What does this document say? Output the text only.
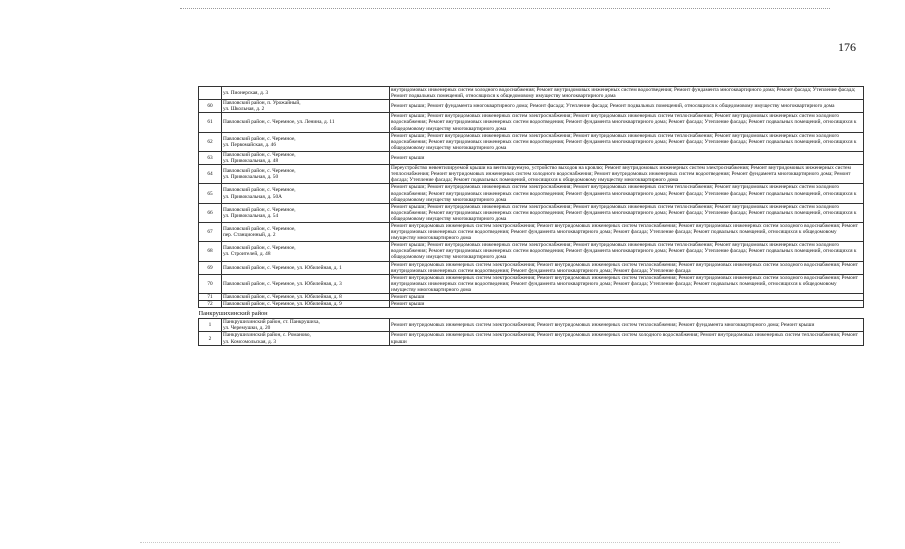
176

	ул. Пионерская, д. 3	внутридомовых инженерных систем холодного водоснабжения; Ремонт внутридомовых инженерных систем водоотведения; Ремонт фундамента многоквартирного дома; Ремонт фасада; Утепление фасада; Ремонт подвальных помещений, относящихся к общедомовому имуществу многоквартирного дома
60	Павловский район, п. Урожайный,
ул. Школьная, д. 2	Ремонт крыши; Ремонт фундамента многоквартирного дома; Ремонт фасада; Утепление фасада; Ремонт подвальных помещений, относящихся к общедомовому имуществу многоквартирного дома
61	Павловский район, с. Черемное, ул. Ленина, д. 11	Ремонт крыши; Ремонт внутридомовых инженерных систем электроснабжения; Ремонт внутридомовых инженерных систем теплоснабжения; Ремонт внутридомовых инженерных систем холодного водоснабжения; Ремонт внутридомовых инженерных систем водоотведения; Ремонт фундамента многоквартирного дома; Ремонт фасада; Утепление фасада; Ремонт подвальных помещений, относящихся к общедомовому имуществу многоквартирного дома
62	Павловский район, с. Черемное,
ул. Первомайская, д. 46	Ремонт крыши; Ремонт внутридомовых инженерных систем электроснабжения; Ремонт внутридомовых инженерных систем теплоснабжения; Ремонт внутридомовых инженерных систем холодного водоснабжения; Ремонт внутридомовых инженерных систем водоотведения; Ремонт фундамента многоквартирного дома; Ремонт фасада; Утепление фасада; Ремонт подвальных помещений, относящихся к общедомовому имуществу многоквартирного дома
63	Павловский район, с. Черемное,
ул. Привокзальная, д. 48	Ремонт крыши
64	Павловский район, с. Черемное,
ул. Привокзальная, д. 50	Переустройство невентилируемой крыши на вентилируемую, устройство выходов на кровлю; Ремонт внутридомовых инженерных систем электроснабжения; Ремонт внутридомовых инженерных систем теплоснабжения; Ремонт внутридомовых инженерных систем холодного водоснабжения; Ремонт внутридомовых инженерных систем водоотведения; Ремонт фундамента многоквартирного дома; Ремонт фасада; Утепление фасада; Ремонт подвальных помещений, относящихся к общедомовому имуществу многоквартирного дома
65	Павловский район, с. Черемное,
ул. Привокзальная, д. 50А	Ремонт крыши; Ремонт внутридомовых инженерных систем электроснабжения; Ремонт внутридомовых инженерных систем теплоснабжения; Ремонт внутридомовых инженерных систем холодного водоснабжения; Ремонт внутридомовых инженерных систем водоотведения; Ремонт фундамента многоквартирного дома; Ремонт фасада; Утепление фасада; Ремонт подвальных помещений, относящихся к общедомовому имуществу многоквартирного дома
66	Павловский район, с. Черемное,
ул. Привокзальная, д. 54	Ремонт крыши; Ремонт внутридомовых инженерных систем электроснабжения; Ремонт внутридомовых инженерных систем теплоснабжения; Ремонт внутридомовых инженерных систем холодного водоснабжения; Ремонт внутридомовых инженерных систем водоотведения; Ремонт фундамента многоквартирного дома; Ремонт фасада; Утепление фасада; Ремонт подвальных помещений, относящихся к общедомовому имуществу многоквартирного дома
67	Павловский район, с. Черемное,
пер. Станционный, д. 2	Ремонт внутридомовых инженерных систем электроснабжения; Ремонт внутридомовых инженерных систем теплоснабжения; Ремонт внутридомовых инженерных систем холодного водоснабжения; Ремонт внутридомовых инженерных систем водоотведения; Ремонт фундамента многоквартирного дома; Ремонт фасада; Утепление фасада; Ремонт подвальных помещений, относящихся к общедомовому имуществу многоквартирного дома
68	Павловский район, с. Черемное,
ул. Строителей, д. 48	Ремонт крыши; Ремонт внутридомовых инженерных систем электроснабжения; Ремонт внутридомовых инженерных систем теплоснабжения; Ремонт внутридомовых инженерных систем холодного водоснабжения; Ремонт внутридомовых инженерных систем водоотведения; Ремонт фундамента многоквартирного дома; Ремонт фасада; Утепление фасада; Ремонт подвальных помещений, относящихся к общедомовому имуществу многоквартирного дома
69	Павловский район, с. Черемное, ул. Юбилейная, д. 1	Ремонт внутридомовых инженерных систем электроснабжения; Ремонт внутридомовых инженерных систем теплоснабжения; Ремонт внутридомовых инженерных систем холодного водоснабжения; Ремонт внутридомовых инженерных систем водоотведения; Ремонт фундамента многоквартирного дома; Ремонт фасада; Утепление фасада
70	Павловский район, с. Черемное, ул. Юбилейная, д. 3	Ремонт внутридомовых инженерных систем электроснабжения; Ремонт внутридомовых инженерных систем теплоснабжения; Ремонт внутридомовых инженерных систем холодного водоснабжения; Ремонт внутридомовых инженерных систем водоотведения; Ремонт фундамента многоквартирного дома; Ремонт фасада; Утепление фасада; Ремонт подвальных помещений, относящихся к общедомовому имуществу многоквартирного дома
71	Павловский район, с. Черемное, ул. Юбилейная, д. 8	Ремонт крыши
72	Павловский район, с. Черемное, ул. Юбилейная, д. 9	Ремонт крыши
Панкрушихинский район		
1	Панкрушихинский район, ст. Панкрушиха,
ул. Черемушки, д. 20	Ремонт внутридомовых инженерных систем электроснабжения; Ремонт внутридомовых инженерных систем теплоснабжения; Ремонт фундамента многоквартирного дома; Ремонт крыши
2	Панкрушихинский район, с. Романово,
ул. Комсомольская, д. 3	Ремонт внутридомовых инженерных систем электроснабжения; Ремонт внутридомовых инженерных систем холодного водоснабжения; Ремонт внутридомовых инженерных систем теплоснабжения; Ремонт крыши
